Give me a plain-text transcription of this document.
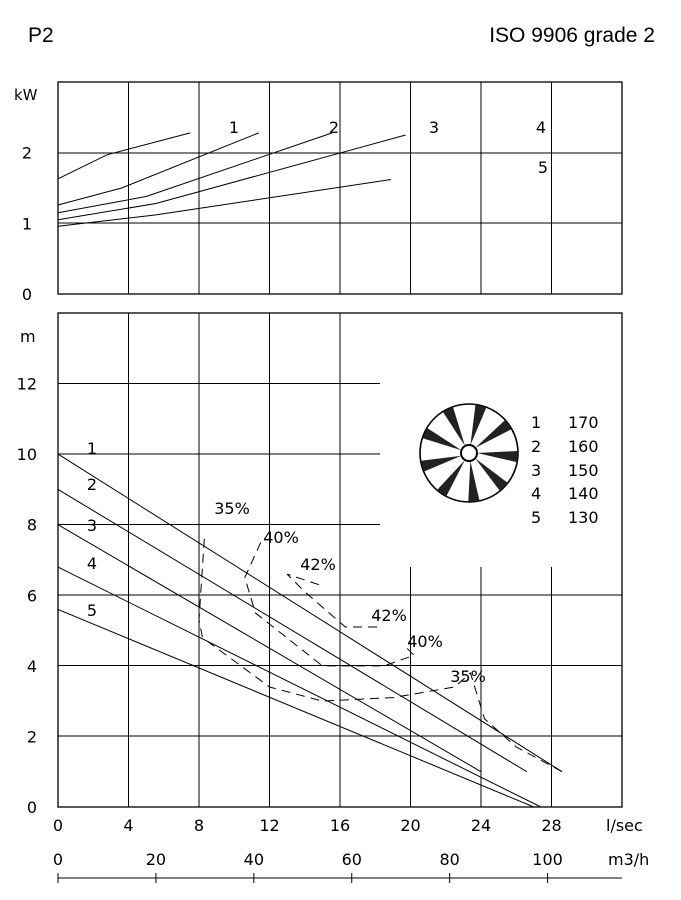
P2	ISO 9906 grade 2
kW
0
1
2
1	2	3	4
5
m
0
2
4
6
8
10
12
1
2
3
4
5
35%
40%
42%
42%
40%
35%
1 170
2 160
3 150
4 140
5 130
0	4	8	12	16	20	24	28	l/sec
0	20	40	60	80	100	m3/h
